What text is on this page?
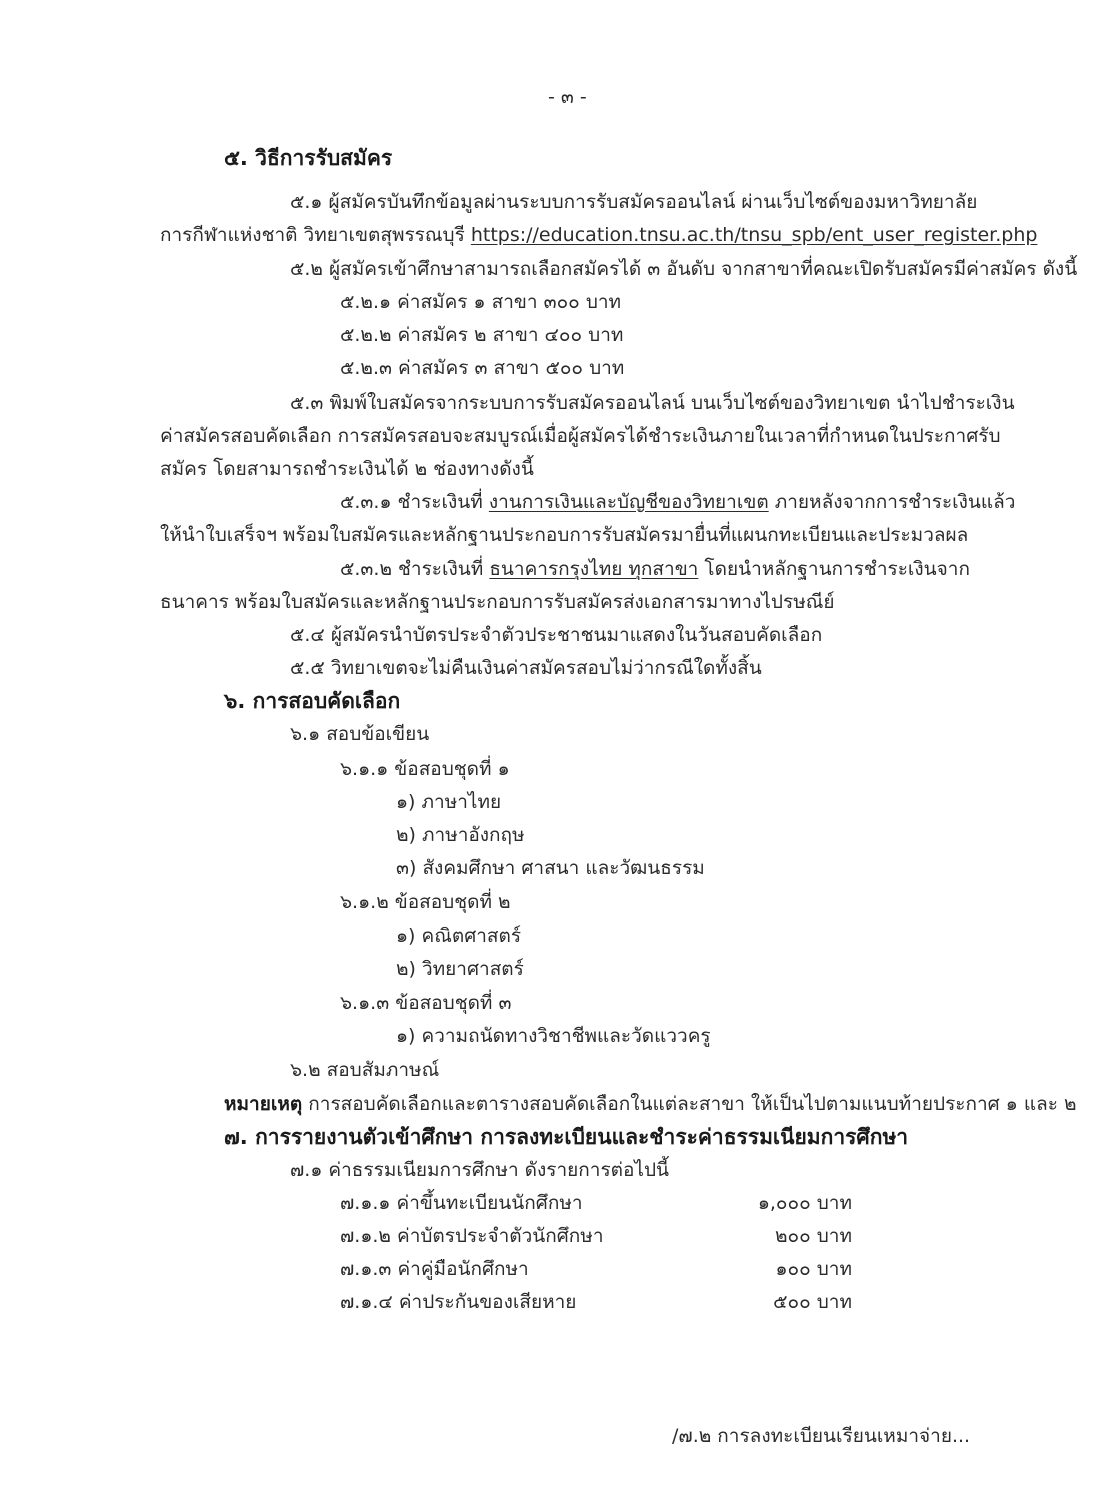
- ๓ -
๕. วิธีการรับสมัคร
๕.๑ ผู้สมัครบันทึกข้อมูลผ่านระบบการรับสมัครออนไลน์ ผ่านเว็บไซต์ของมหาวิทยาลัย
การกีฬาแห่งชาติ วิทยาเขตสุพรรณบุรี https://education.tnsu.ac.th/tnsu_spb/ent_user_register.php
๕.๒ ผู้สมัครเข้าศึกษาสามารถเลือกสมัครได้ ๓ อันดับ จากสาขาที่คณะเปิดรับสมัครมีค่าสมัคร ดังนี้
๕.๒.๑ ค่าสมัคร ๑ สาขา ๓๐๐ บาท
๕.๒.๒ ค่าสมัคร ๒ สาขา ๔๐๐ บาท
๕.๒.๓ ค่าสมัคร ๓ สาขา ๕๐๐ บาท
๕.๓ พิมพ์ใบสมัครจากระบบการรับสมัครออนไลน์ บนเว็บไซต์ของวิทยาเขต นำไปชำระเงิน
ค่าสมัครสอบคัดเลือก การสมัครสอบจะสมบูรณ์เมื่อผู้สมัครได้ชำระเงินภายในเวลาที่กำหนดในประกาศรับ
สมัคร โดยสามารถชำระเงินได้ ๒ ช่องทางดังนี้
๕.๓.๑ ชำระเงินที่ งานการเงินและบัญชีของวิทยาเขต ภายหลังจากการชำระเงินแล้ว
ให้นำใบเสร็จฯ พร้อมใบสมัครและหลักฐานประกอบการรับสมัครมายื่นที่แผนกทะเบียนและประมวลผล
๕.๓.๒ ชำระเงินที่ ธนาคารกรุงไทย ทุกสาขา โดยนำหลักฐานการชำระเงินจาก
ธนาคาร พร้อมใบสมัครและหลักฐานประกอบการรับสมัครส่งเอกสารมาทางไปรษณีย์
๕.๔ ผู้สมัครนำบัตรประจำตัวประชาชนมาแสดงในวันสอบคัดเลือก
๕.๕ วิทยาเขตจะไม่คืนเงินค่าสมัครสอบไม่ว่ากรณีใดทั้งสิ้น
๖. การสอบคัดเลือก
๖.๑ สอบข้อเขียน
๖.๑.๑ ข้อสอบชุดที่ ๑
๑) ภาษาไทย
๒) ภาษาอังกฤษ
๓) สังคมศึกษา ศาสนา และวัฒนธรรม
๖.๑.๒ ข้อสอบชุดที่ ๒
๑) คณิตศาสตร์
๒) วิทยาศาสตร์
๖.๑.๓ ข้อสอบชุดที่ ๓
๑) ความถนัดทางวิชาชีพและวัดแววครู
๖.๒ สอบสัมภาษณ์
หมายเหตุ การสอบคัดเลือกและตารางสอบคัดเลือกในแต่ละสาขา ให้เป็นไปตามแนบท้ายประกาศ ๑ และ ๒
๗. การรายงานตัวเข้าศึกษา การลงทะเบียนและชำระค่าธรรมเนียมการศึกษา
๗.๑ ค่าธรรมเนียมการศึกษา ดังรายการต่อไปนี้
๗.๑.๑ ค่าขึ้นทะเบียนนักศึกษา	๑,๐๐๐ บาท
๗.๑.๒ ค่าบัตรประจำตัวนักศึกษา	๒๐๐ บาท
๗.๑.๓ ค่าคู่มือนักศึกษา	๑๐๐ บาท
๗.๑.๔ ค่าประกันของเสียหาย	๕๐๐ บาท
/๗.๒ การลงทะเบียนเรียนเหมาจ่าย...
